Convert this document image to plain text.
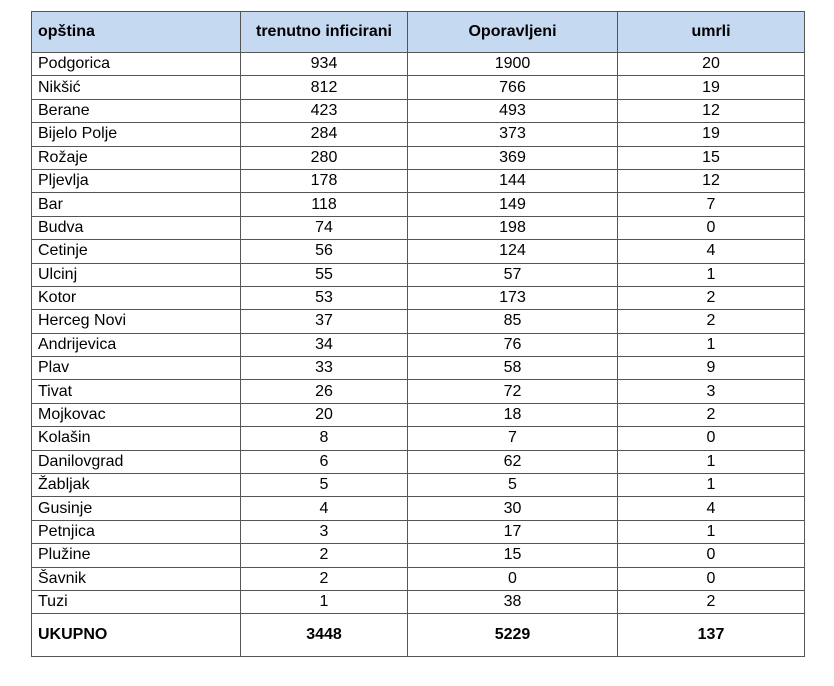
opština	trenutno inficirani	Oporavljeni	umrli
Podgorica	934	1900	20
Nikšić	812	766	19
Berane	423	493	12
Bijelo Polje	284	373	19
Rožaje	280	369	15
Pljevlja	178	144	12
Bar	118	149	7
Budva	74	198	0
Cetinje	56	124	4
Ulcinj	55	57	1
Kotor	53	173	2
Herceg Novi	37	85	2
Andrijevica	34	76	1
Plav	33	58	9
Tivat	26	72	3
Mojkovac	20	18	2
Kolašin	8	7	0
Danilovgrad	6	62	1
Žabljak	5	5	1
Gusinje	4	30	4
Petnjica	3	17	1
Plužine	2	15	0
Šavnik	2	0	0
Tuzi	1	38	2
UKUPNO	3448	5229	137
